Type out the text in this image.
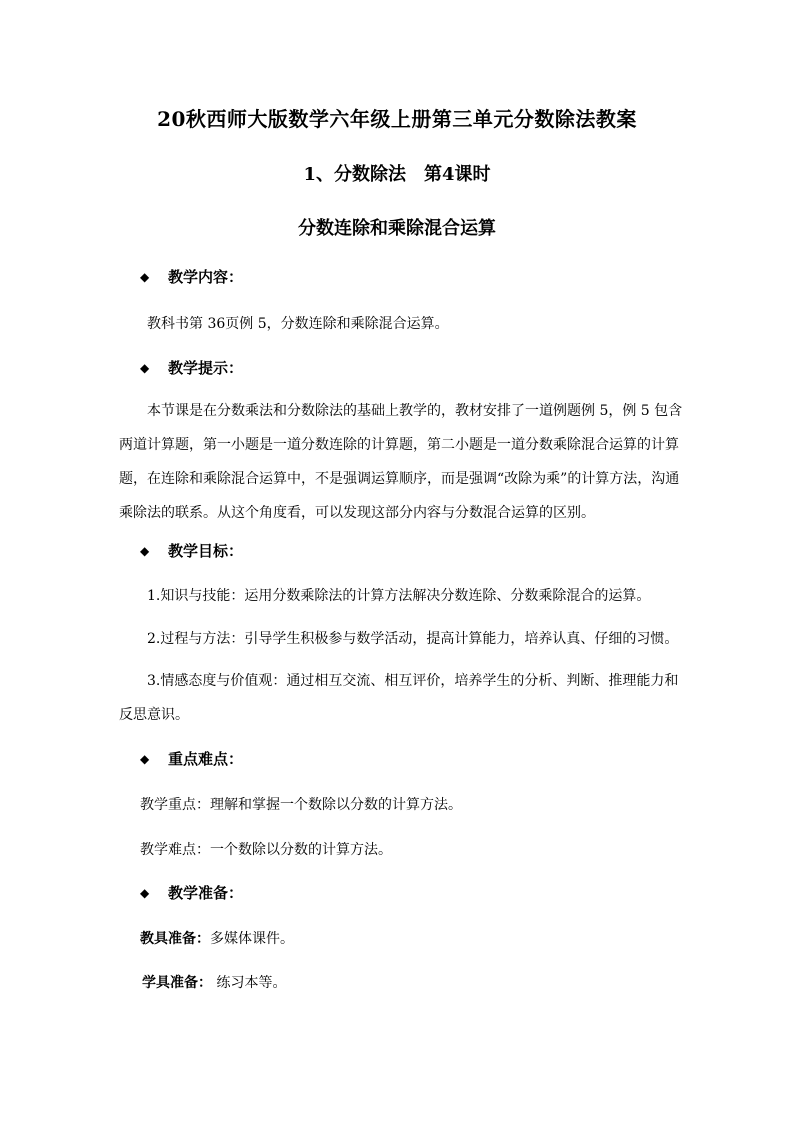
20秋西师大版数学六年级上册第三单元分数除法教案
1、分数除法　第4课时
分数连除和乘除混合运算
◆	教学内容：
教科书第 36页例 5，分数连除和乘除混合运算。
◆	教学提示：
本节课是在分数乘法和分数除法的基础上教学的，教材安排了一道例题例 5，例 5 包含两道计算题，第一小题是一道分数连除的计算题，第二小题是一道分数乘除混合运算的计算题，在连除和乘除混合运算中，不是强调运算顺序，而是强调“改除为乘”的计算方法，沟通乘除法的联系。从这个角度看，可以发现这部分内容与分数混合运算的区别。
◆	教学目标：
1.知识与技能：运用分数乘除法的计算方法解决分数连除、分数乘除混合的运算。
2.过程与方法：引导学生积极参与数学活动，提高计算能力，培养认真、仔细的习惯。
3.情感态度与价值观：通过相互交流、相互评价，培养学生的分析、判断、推理能力和反思意识。
◆	重点难点：
教学重点：理解和掌握一个数除以分数的计算方法。
教学难点：一个数除以分数的计算方法。
◆	教学准备：
教具准备：多媒体课件。
学具准备： 练习本等。
